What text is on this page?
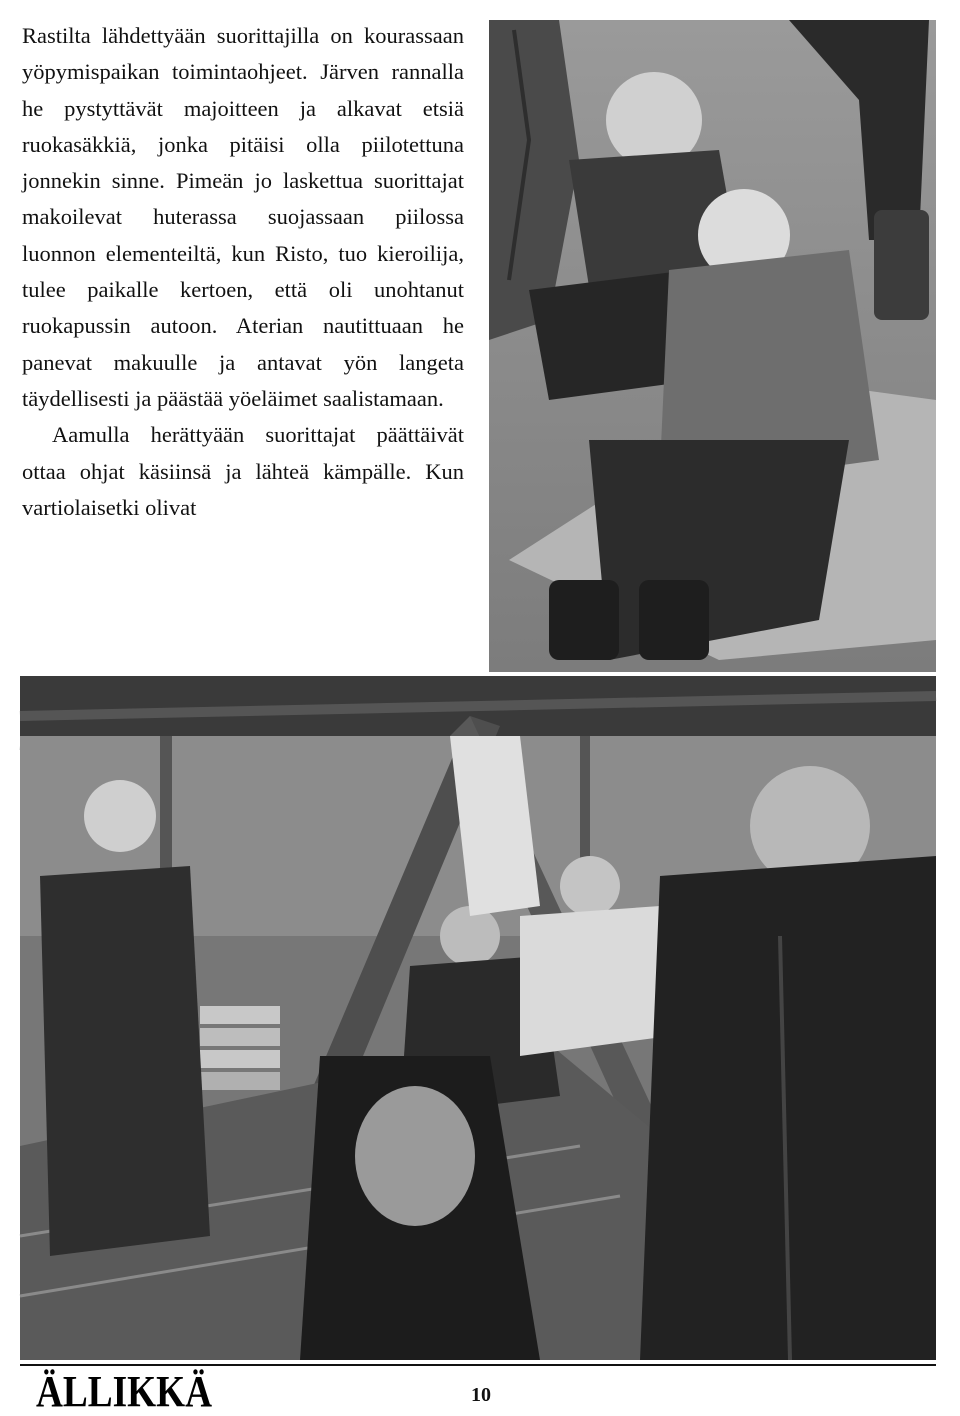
Rastilta lähdettyään suorittajilla on kourassaan yöpymispaikan toimintaohjeet. Järven rannalla he pystyttävät majoitteen ja alkavat etsiä ruokasäkkiä, jonka pitäisi olla piilotettuna jonnekin sinne. Pimeän jo laskettua suorittajat makoilevat huterassa suojassaan piilossa luonnon elementeiltä, kun Risto, tuo kieroilija, tulee paikalle kertoen, että oli unohtanut ruokapussin autoon. Aterian nautittuaan he panevat makuulle ja antavat yön langeta täydellisesti ja päästää yöeläimet saalistamaan.

Aamulla herättyään suorittajat päättäivät ottaa ohjat käsiinsä ja lähteä kämpälle. Kun vartiolaisetki olivat

ÄLLIKKÄ	10
